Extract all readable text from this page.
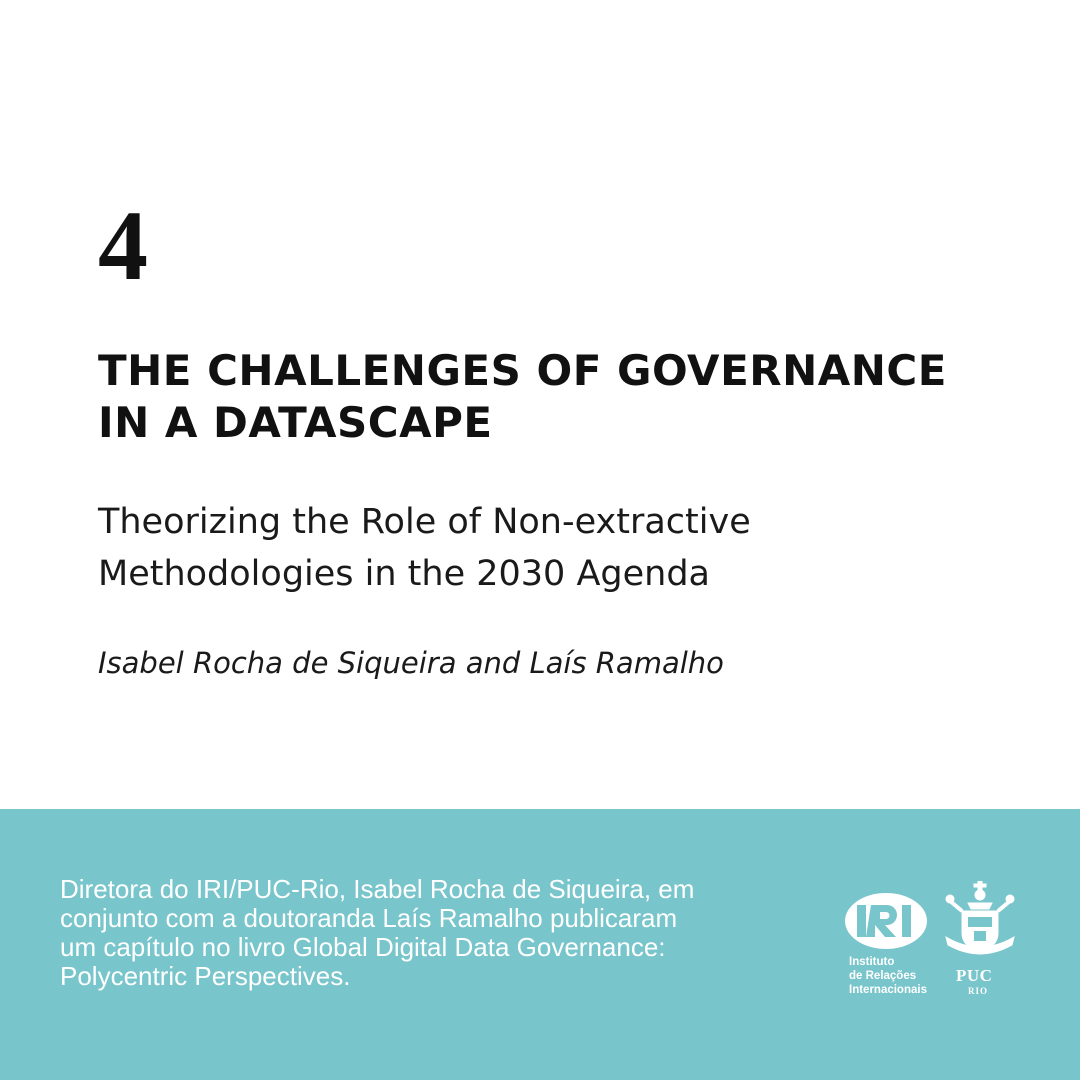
4
THE CHALLENGES OF GOVERNANCE
IN A DATASCAPE
Theorizing the Role of Non-extractive
Methodologies in the 2030 Agenda
Isabel Rocha de Siqueira and Laís Ramalho
Diretora do IRI/PUC-Rio, Isabel Rocha de Siqueira, em
conjunto com a doutoranda Laís Ramalho publicaram
um capítulo no livro Global Digital Data Governance:
Polycentric Perspectives.	Instituto
de Relações
Internacionais
PUC
RIO
